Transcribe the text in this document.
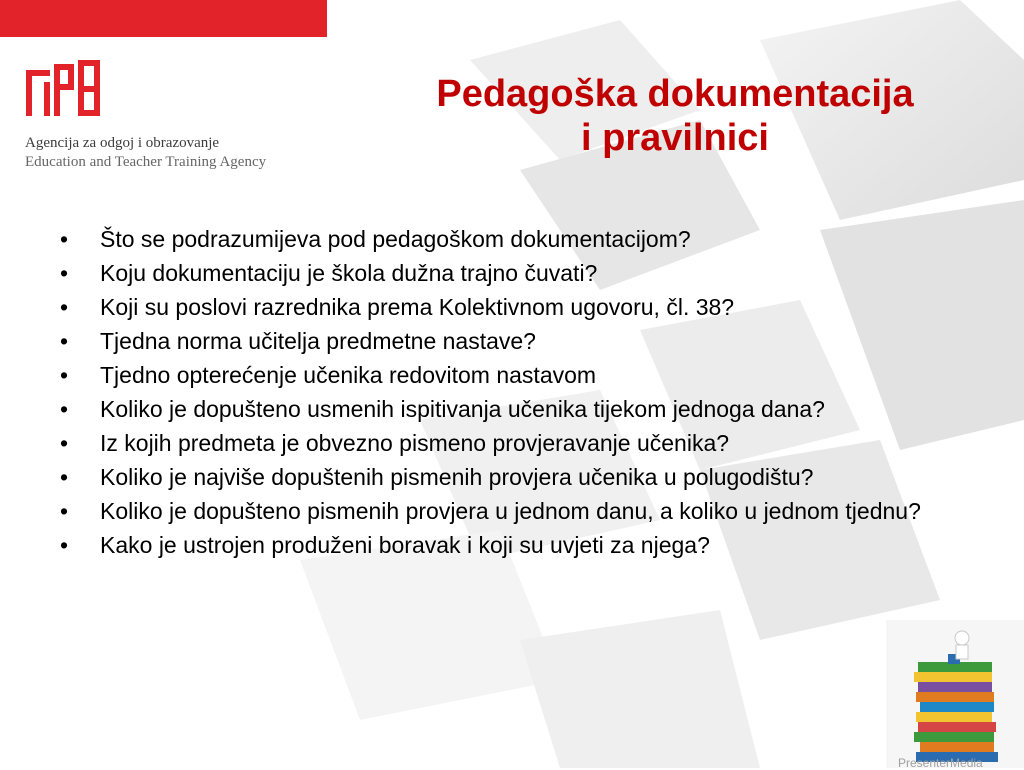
Agencija za odgoj i obrazovanje
Education and Teacher Training Agency
Pedagoška dokumentacija
i pravilnici
• Što se podrazumijeva pod pedagoškom dokumentacijom?
• Koju dokumentaciju je škola dužna trajno čuvati?
• Koji su poslovi razrednika prema Kolektivnom ugovoru, čl. 38?
• Tjedna norma učitelja predmetne nastave?
• Tjedno opterećenje učenika redovitom nastavom
• Koliko je dopušteno usmenih ispitivanja učenika tijekom jednoga dana?
• Iz kojih predmeta je obvezno pismeno provjeravanje učenika?
• Koliko je najviše dopuštenih pismenih provjera učenika u polugodištu?
• Koliko je dopušteno pismenih provjera u jednom danu, a koliko u jednom tjednu?
• Kako je ustrojen produženi boravak i koji su uvjeti za njega?
PresenterMedia
